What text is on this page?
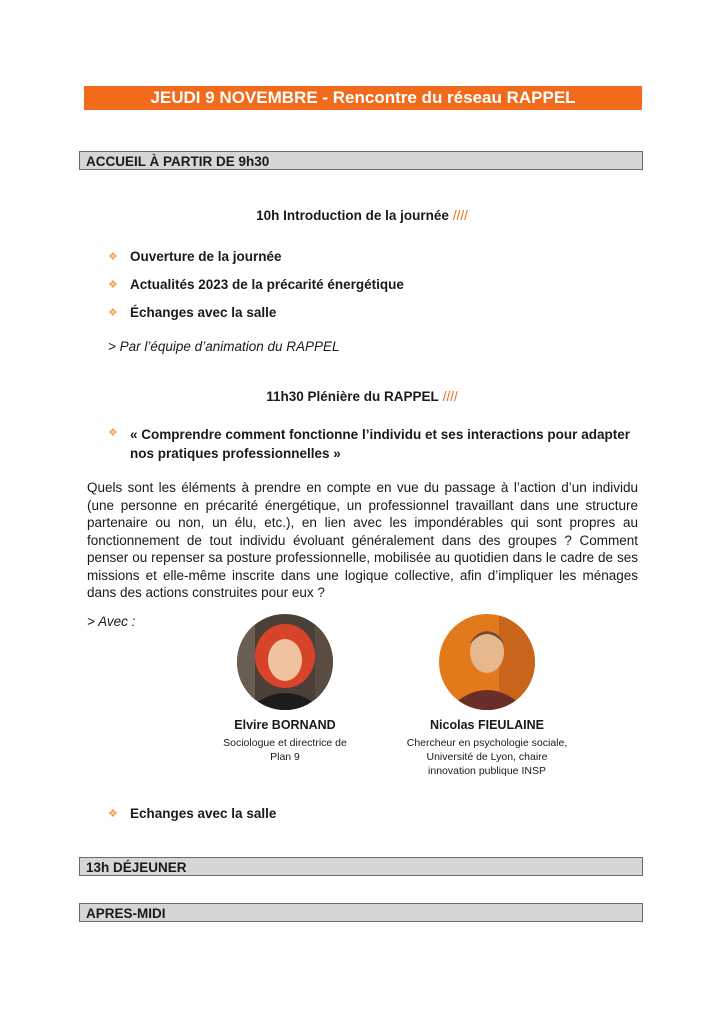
JEUDI 9 NOVEMBRE - Rencontre du réseau RAPPEL
ACCUEIL À PARTIR DE 9h30
10h Introduction de la journée ////
❖ Ouverture de la journée
❖ Actualités 2023 de la précarité énergétique
❖ Échanges avec la salle
> Par l’équipe d’animation du RAPPEL
11h30 Plénière du RAPPEL ////
❖ « Comprendre comment fonctionne l’individu et ses interactions pour adapter nos pratiques professionnelles »
Quels sont les éléments à prendre en compte en vue du passage à l’action d’un individu (une personne en précarité énergétique, un professionnel travaillant dans une structure partenaire ou non, un élu, etc.), en lien avec les impondérables qui sont propres au fonctionnement de tout individu évoluant généralement dans des groupes ? Comment penser ou repenser sa posture professionnelle, mobilisée au quotidien dans le cadre de ses missions et elle-même inscrite dans une logique collective, afin d’impliquer les ménages dans des actions construites pour eux ?
> Avec :
Elvire BORNAND
Sociologue et directrice de
Plan 9
Nicolas FIEULAINE
Chercheur en psychologie sociale,
Université de Lyon, chaire
innovation publique INSP
❖ Echanges avec la salle
13h DÉJEUNER
APRES-MIDI
